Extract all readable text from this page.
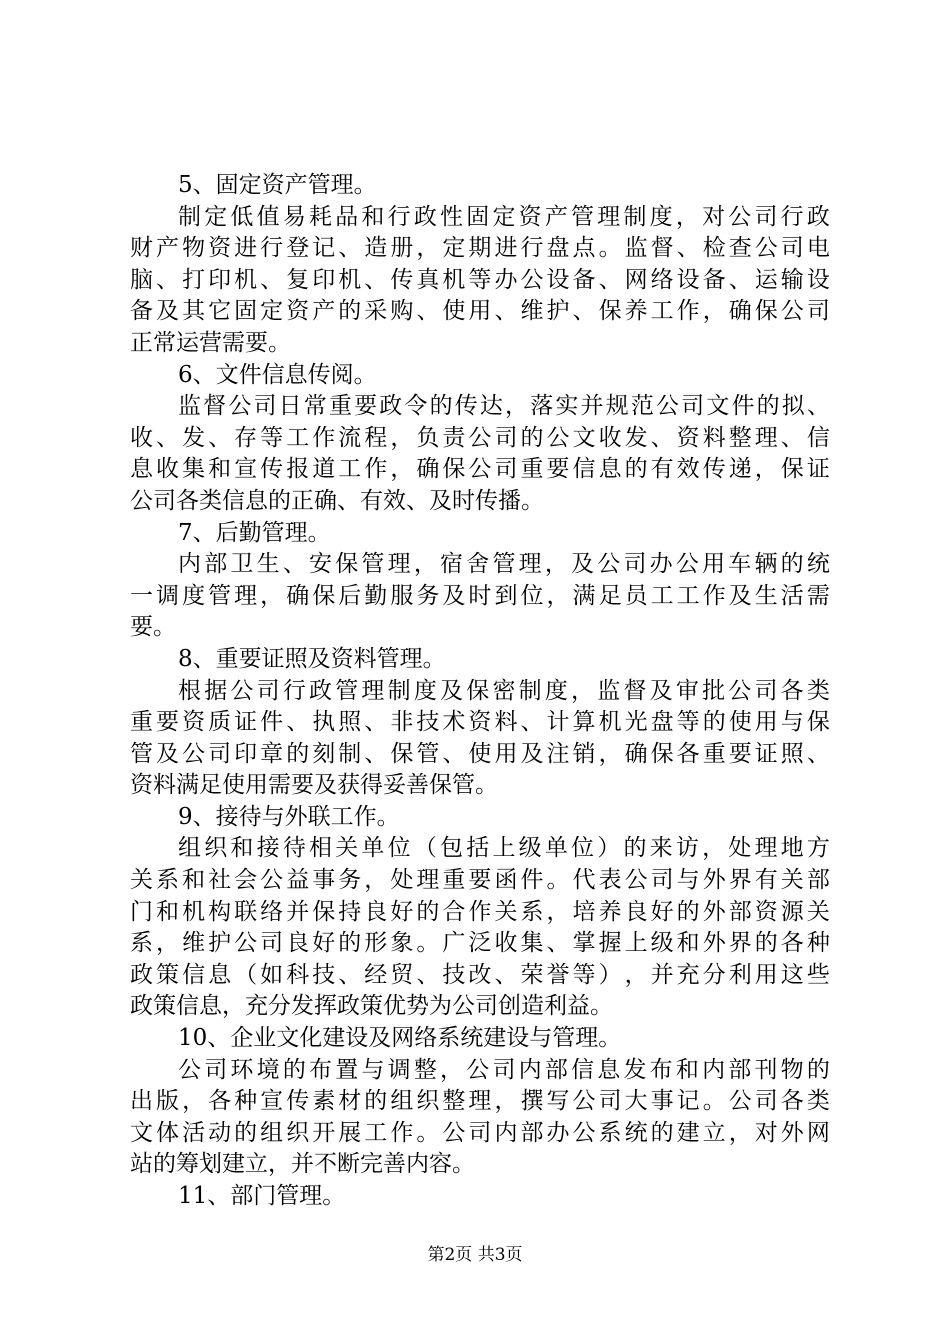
5、固定资产管理。
制 定 低 值 易 耗 品 和 行 政 性 固 定 资 产 管 理 制 度 ， 对 公 司 行 政
财 产 物 资 进 行 登 记 、 造 册 ， 定 期 进 行 盘 点 。 监 督 、 检 查 公 司 电
脑 、 打 印 机 、 复 印 机 、 传 真 机 等 办 公 设 备 、 网 络 设 备 、 运 输 设
备 及 其 它 固 定 资 产 的 采 购 、 使 用 、 维 护 、 保 养 工 作 ， 确 保 公 司
正常运营需要。
6、文件信息传阅。
监 督 公 司 日 常 重 要 政 令 的 传 达 ， 落 实 并 规 范 公 司 文 件 的 拟 、
收 、 发 、 存 等 工 作 流 程 ， 负 责 公 司 的 公 文 收 发 、 资 料 整 理 、 信
息 收 集 和 宣 传 报 道 工 作 ， 确 保 公 司 重 要 信 息 的 有 效 传 递 ， 保 证
公司各类信息的正确、有效、及时传播。
7、后勤管理。
内 部 卫 生 、 安 保 管 理 ， 宿 舍 管 理 ， 及 公 司 办 公 用 车 辆 的 统
一 调 度 管 理 ， 确 保 后 勤 服 务 及 时 到 位 ， 满 足 员 工 工 作 及 生 活 需
要。
8、重要证照及资料管理。
根 据 公 司 行 政 管 理 制 度 及 保 密 制 度 ， 监 督 及 审 批 公 司 各 类
重 要 资 质 证 件 、 执 照 、 非 技 术 资 料 、 计 算 机 光 盘 等 的 使 用 与 保
管 及 公 司 印 章 的 刻 制 、 保 管 、 使 用 及 注 销 ， 确 保 各 重 要 证 照 、
资料满足使用需要及获得妥善保管。
9、接待与外联工作。
组 织 和 接 待 相 关 单 位 （ 包 括 上 级 单 位 ） 的 来 访 ， 处 理 地 方
关 系 和 社 会 公 益 事 务 ， 处 理 重 要 函 件 。 代 表 公 司 与 外 界 有 关 部
门 和 机 构 联 络 并 保 持 良 好 的 合 作 关 系 ， 培 养 良 好 的 外 部 资 源 关
系 ， 维 护 公 司 良 好 的 形 象 。 广 泛 收 集 、 掌 握 上 级 和 外 界 的 各 种
政 策 信 息 （ 如 科 技 、 经 贸 、 技 改 、 荣 誉 等 ） ， 并 充 分 利 用 这 些
政策信息，充分发挥政策优势为公司创造利益。
10、企业文化建设及网络系统建设与管理。
公 司 环 境 的 布 置 与 调 整 ， 公 司 内 部 信 息 发 布 和 内 部 刊 物 的
出 版 ， 各 种 宣 传 素 材 的 组 织 整 理 ， 撰 写 公 司 大 事 记 。 公 司 各 类
文 体 活 动 的 组 织 开 展 工 作 。 公 司 内 部 办 公 系 统 的 建 立 ， 对 外 网
站的筹划建立，并不断完善内容。
11、部门管理。
第2页 共3页
